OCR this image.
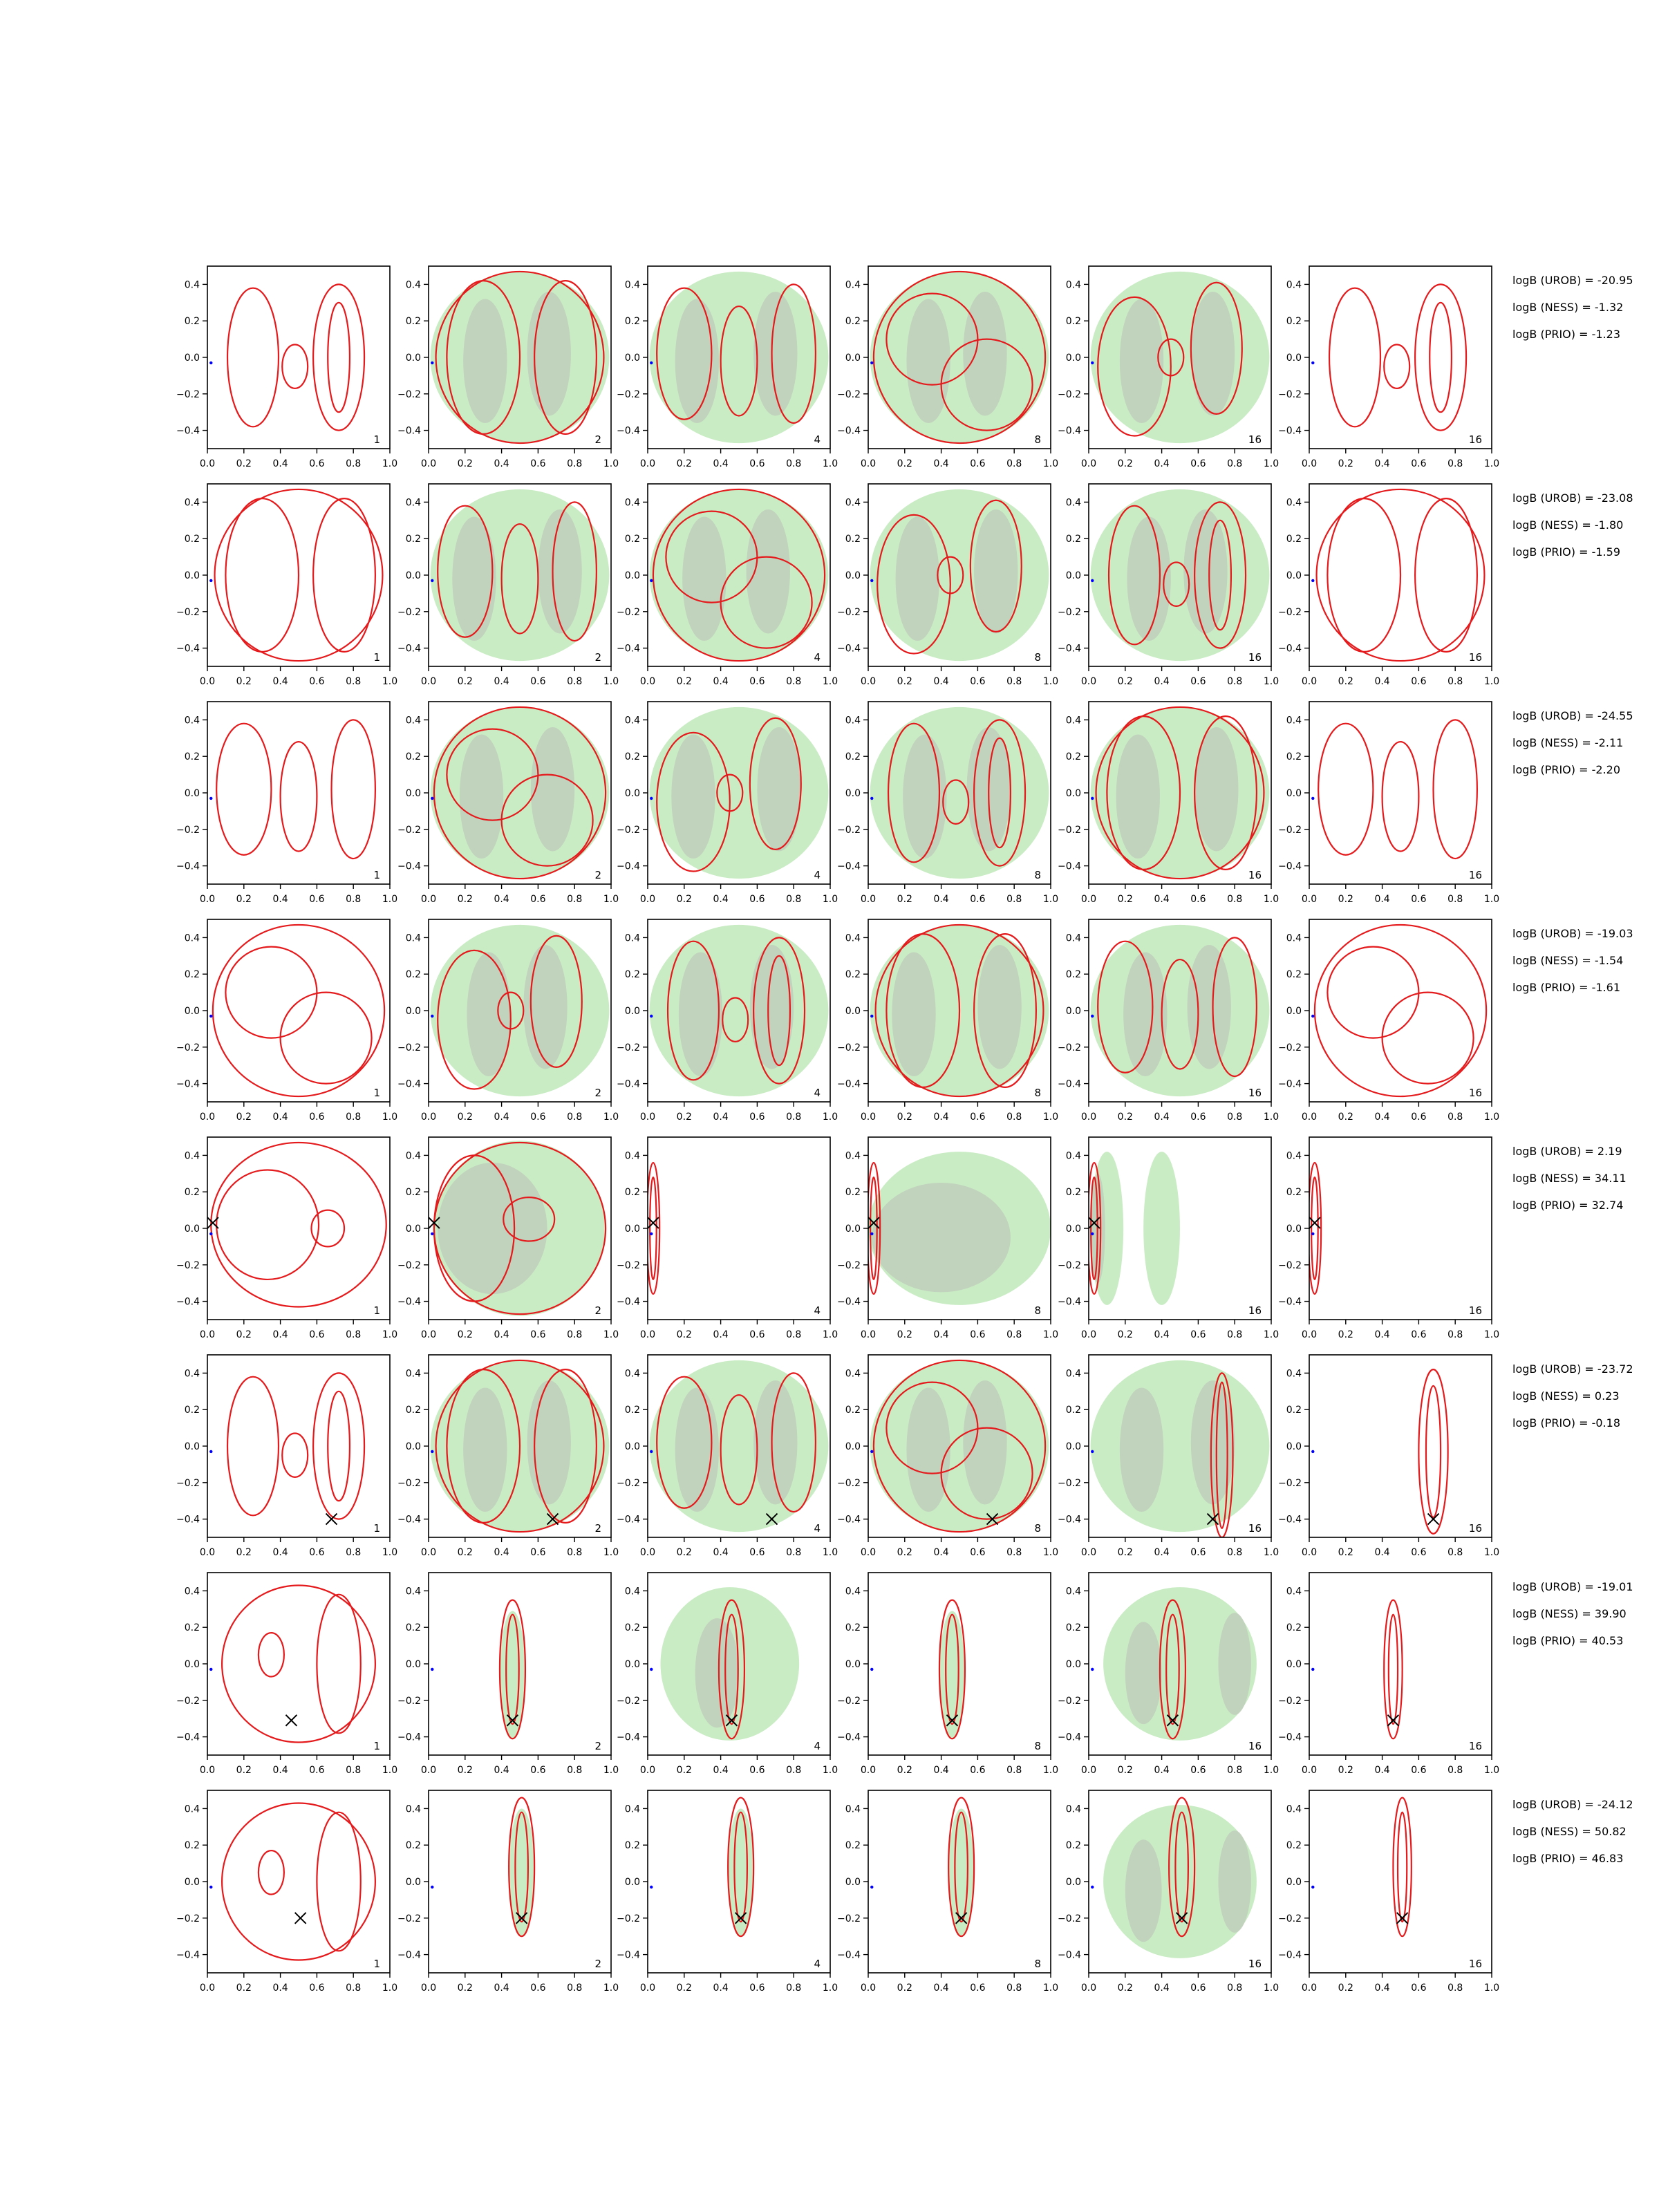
0.0 0.2 0.4 0.6 0.8 1.0
0.4
0.2
0.0
−0.2
−0.4
1
0.0 0.2 0.4 0.6 0.8 1.0
0.4
0.2
0.0
−0.2
−0.4
2
0.0 0.2 0.4 0.6 0.8 1.0
0.4
0.2
0.0
−0.2
−0.4
4
0.0 0.2 0.4 0.6 0.8 1.0
0.4
0.2
0.0
−0.2
−0.4
8
0.0 0.2 0.4 0.6 0.8 1.0
0.4
0.2
0.0
−0.2
−0.4
16
0.0 0.2 0.4 0.6 0.8 1.0
0.4
0.2
0.0
−0.2
−0.4
16
logB (UROB) = -20.95
logB (NESS) = -1.32
logB (PRIO) = -1.23
0.0 0.2 0.4 0.6 0.8 1.0
0.4
0.2
0.0
−0.2
−0.4
1
0.0 0.2 0.4 0.6 0.8 1.0
0.4
0.2
0.0
−0.2
−0.4
2
0.0 0.2 0.4 0.6 0.8 1.0
0.4
0.2
0.0
−0.2
−0.4
4
0.0 0.2 0.4 0.6 0.8 1.0
0.4
0.2
0.0
−0.2
−0.4
8
0.0 0.2 0.4 0.6 0.8 1.0
0.4
0.2
0.0
−0.2
−0.4
16
0.0 0.2 0.4 0.6 0.8 1.0
0.4
0.2
0.0
−0.2
−0.4
16
logB (UROB) = -23.08
logB (NESS) = -1.80
logB (PRIO) = -1.59
0.0 0.2 0.4 0.6 0.8 1.0
0.4
0.2
0.0
−0.2
−0.4
1
0.0 0.2 0.4 0.6 0.8 1.0
0.4
0.2
0.0
−0.2
−0.4
2
0.0 0.2 0.4 0.6 0.8 1.0
0.4
0.2
0.0
−0.2
−0.4
4
0.0 0.2 0.4 0.6 0.8 1.0
0.4
0.2
0.0
−0.2
−0.4
8
0.0 0.2 0.4 0.6 0.8 1.0
0.4
0.2
0.0
−0.2
−0.4
16
0.0 0.2 0.4 0.6 0.8 1.0
0.4
0.2
0.0
−0.2
−0.4
16
logB (UROB) = -24.55
logB (NESS) = -2.11
logB (PRIO) = -2.20
0.0 0.2 0.4 0.6 0.8 1.0
0.4
0.2
0.0
−0.2
−0.4
1
0.0 0.2 0.4 0.6 0.8 1.0
0.4
0.2
0.0
−0.2
−0.4
2
0.0 0.2 0.4 0.6 0.8 1.0
0.4
0.2
0.0
−0.2
−0.4
4
0.0 0.2 0.4 0.6 0.8 1.0
0.4
0.2
0.0
−0.2
−0.4
8
0.0 0.2 0.4 0.6 0.8 1.0
0.4
0.2
0.0
−0.2
−0.4
16
0.0 0.2 0.4 0.6 0.8 1.0
0.4
0.2
0.0
−0.2
−0.4
16
logB (UROB) = -19.03
logB (NESS) = -1.54
logB (PRIO) = -1.61
0.0 0.2 0.4 0.6 0.8 1.0
0.4
0.2
0.0
−0.2
−0.4
1
0.0 0.2 0.4 0.6 0.8 1.0
0.4
0.2
0.0
−0.2
−0.4
2
0.0 0.2 0.4 0.6 0.8 1.0
0.4
0.2
0.0
−0.2
−0.4
4
0.0 0.2 0.4 0.6 0.8 1.0
0.4
0.2
0.0
−0.2
−0.4
8
0.0 0.2 0.4 0.6 0.8 1.0
0.4
0.2
0.0
−0.2
−0.4
16
0.0 0.2 0.4 0.6 0.8 1.0
0.4
0.2
0.0
−0.2
−0.4
16
logB (UROB) = 2.19
logB (NESS) = 34.11
logB (PRIO) = 32.74
0.0 0.2 0.4 0.6 0.8 1.0
0.4
0.2
0.0
−0.2
−0.4
1
0.0 0.2 0.4 0.6 0.8 1.0
0.4
0.2
0.0
−0.2
−0.4
2
0.0 0.2 0.4 0.6 0.8 1.0
0.4
0.2
0.0
−0.2
−0.4
4
0.0 0.2 0.4 0.6 0.8 1.0
0.4
0.2
0.0
−0.2
−0.4
8
0.0 0.2 0.4 0.6 0.8 1.0
0.4
0.2
0.0
−0.2
−0.4
16
0.0 0.2 0.4 0.6 0.8 1.0
0.4
0.2
0.0
−0.2
−0.4
16
logB (UROB) = -23.72
logB (NESS) = 0.23
logB (PRIO) = -0.18
0.0 0.2 0.4 0.6 0.8 1.0
0.4
0.2
0.0
−0.2
−0.4
1
0.0 0.2 0.4 0.6 0.8 1.0
0.4
0.2
0.0
−0.2
−0.4
2
0.0 0.2 0.4 0.6 0.8 1.0
0.4
0.2
0.0
−0.2
−0.4
4
0.0 0.2 0.4 0.6 0.8 1.0
0.4
0.2
0.0
−0.2
−0.4
8
0.0 0.2 0.4 0.6 0.8 1.0
0.4
0.2
0.0
−0.2
−0.4
16
0.0 0.2 0.4 0.6 0.8 1.0
0.4
0.2
0.0
−0.2
−0.4
16
logB (UROB) = -19.01
logB (NESS) = 39.90
logB (PRIO) = 40.53
0.0 0.2 0.4 0.6 0.8 1.0
0.4
0.2
0.0
−0.2
−0.4
1
0.0 0.2 0.4 0.6 0.8 1.0
0.4
0.2
0.0
−0.2
−0.4
2
0.0 0.2 0.4 0.6 0.8 1.0
0.4
0.2
0.0
−0.2
−0.4
4
0.0 0.2 0.4 0.6 0.8 1.0
0.4
0.2
0.0
−0.2
−0.4
8
0.0 0.2 0.4 0.6 0.8 1.0
0.4
0.2
0.0
−0.2
−0.4
16
0.0 0.2 0.4 0.6 0.8 1.0
0.4
0.2
0.0
−0.2
−0.4
16
logB (UROB) = -24.12
logB (NESS) = 50.82
logB (PRIO) = 46.83
